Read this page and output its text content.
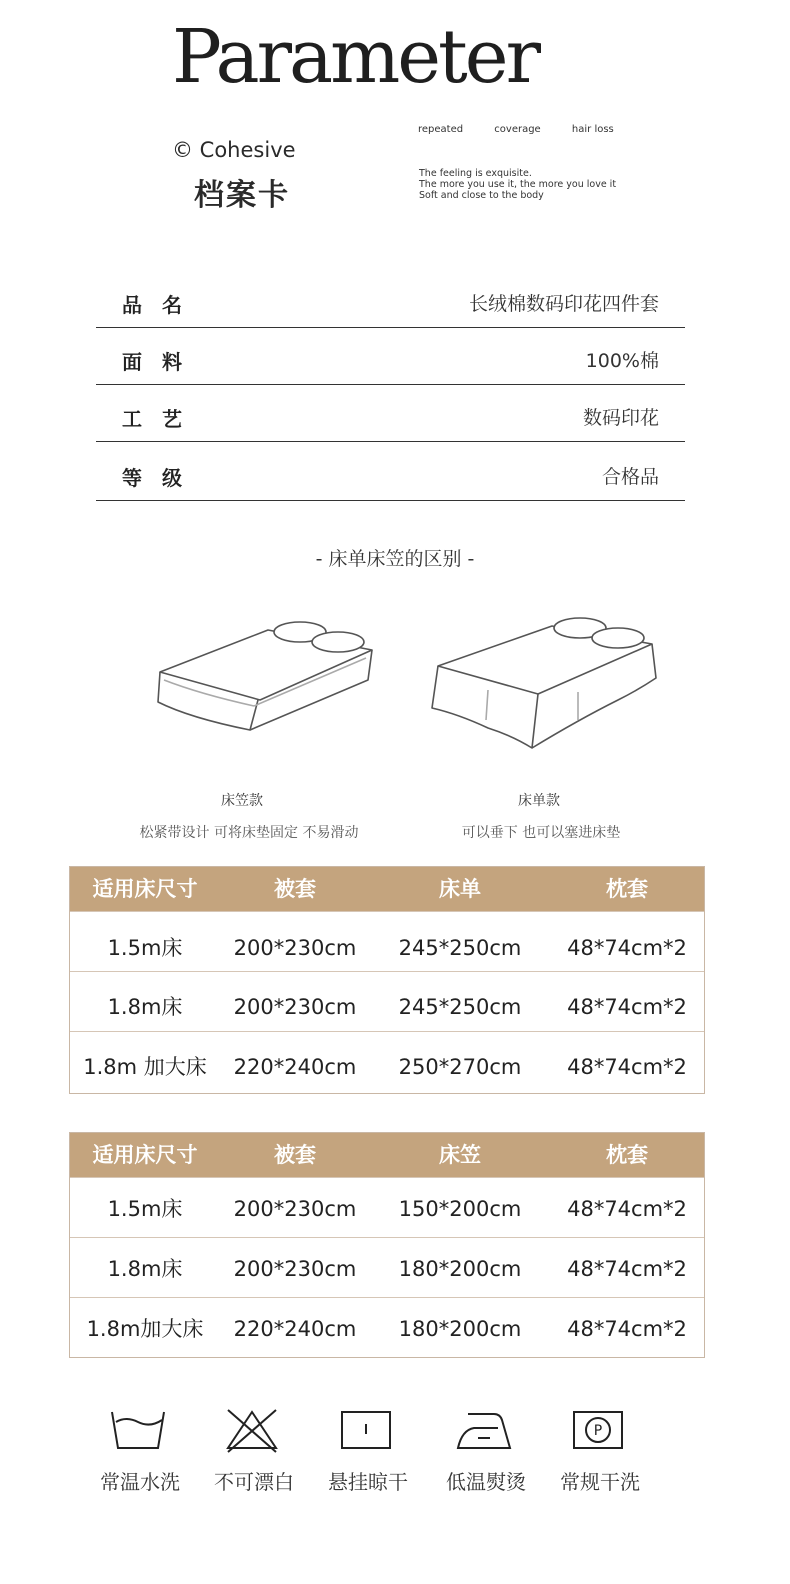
Parameter
© Cohesive
档案卡
repeated	coverage	hair loss
The feeling is exquisite.
The more you use it, the more you love it
Soft and close to the body
品名	长绒棉数码印花四件套
面料	100%棉
工艺	数码印花
等级	合格品
- 床单床笠的区别 -
床笠款
松紧带设计 可将床垫固定 不易滑动
床单款
可以垂下 也可以塞进床垫
适用床尺寸	被套	床单	枕套
1.5m床	200*230cm	245*250cm	48*74cm*2
1.8m床	200*230cm	245*250cm	48*74cm*2
1.8m 加大床	220*240cm	250*270cm	48*74cm*2
适用床尺寸	被套	床笠	枕套
1.5m床	200*230cm	150*200cm	48*74cm*2
1.8m床	200*230cm	180*200cm	48*74cm*2
1.8m加大床	220*240cm	180*200cm	48*74cm*2
P
常温水洗	不可漂白	悬挂晾干	低温熨烫	常规干洗
